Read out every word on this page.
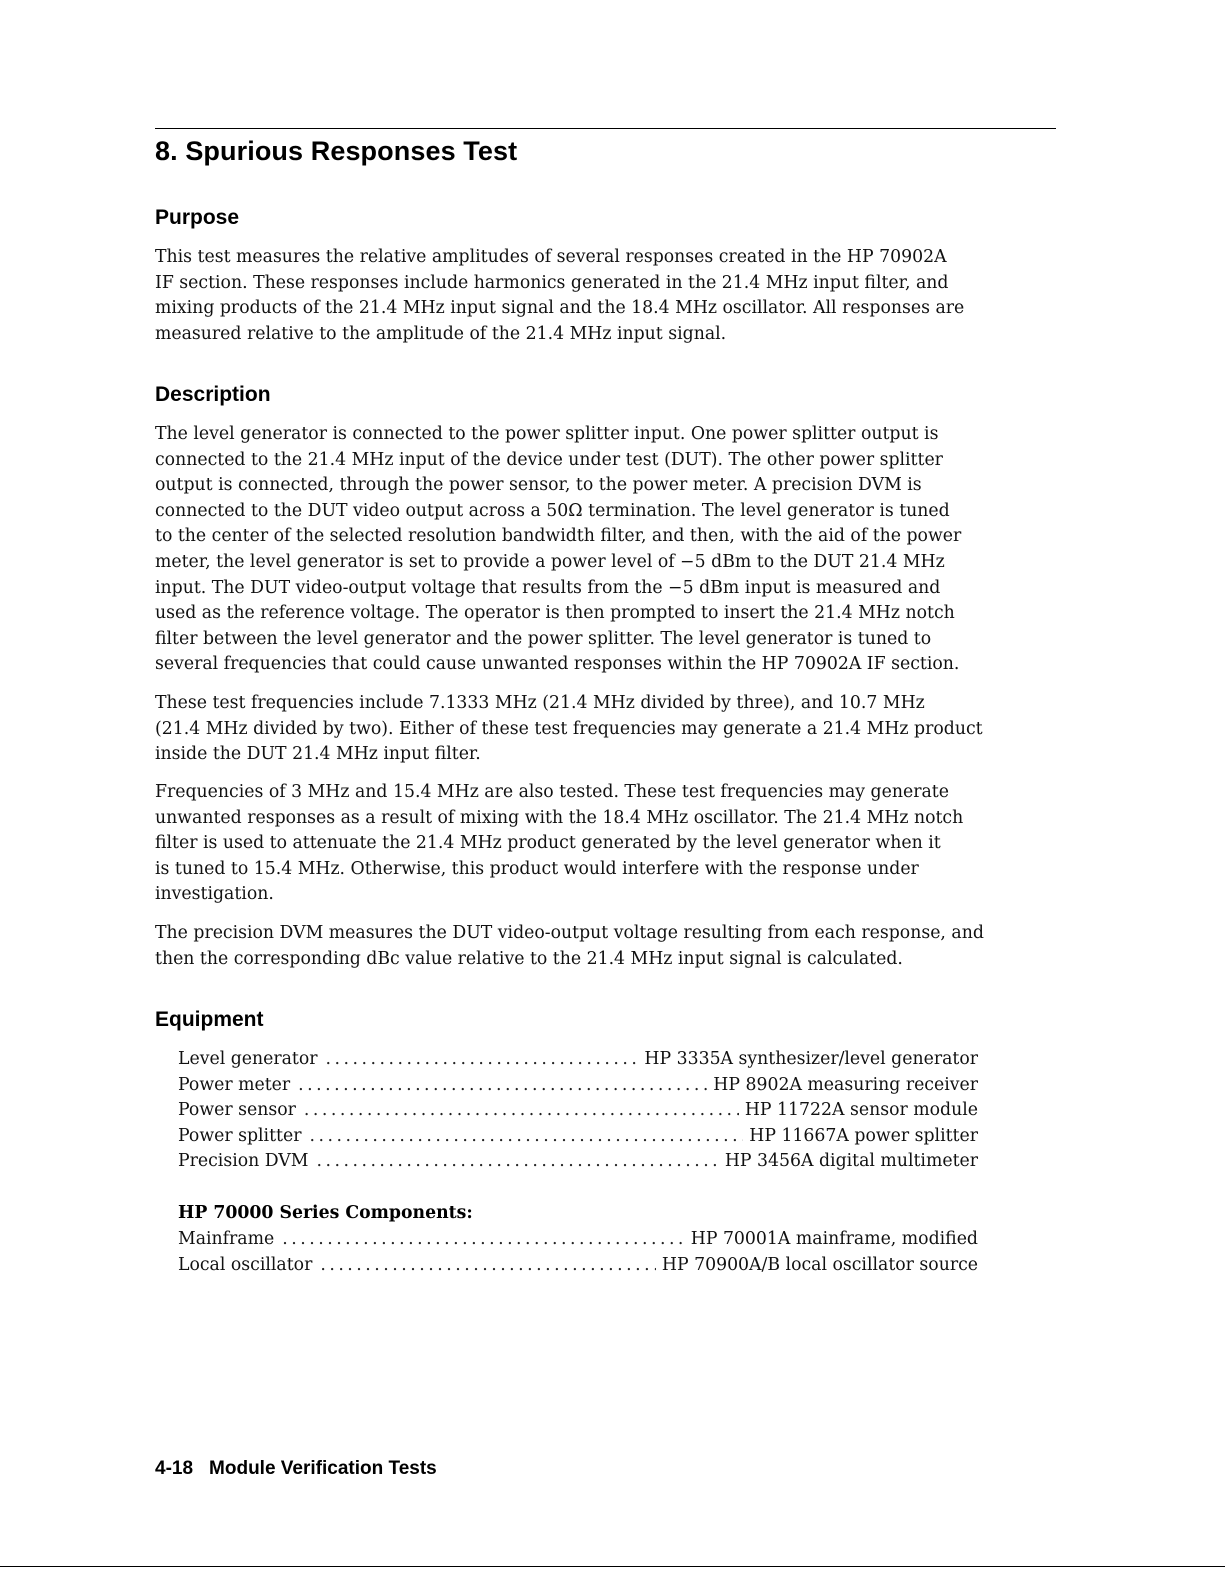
8. Spurious Responses Test
Purpose
This test measures the relative amplitudes of several responses created in the HP 70902A
IF section. These responses include harmonics generated in the 21.4 MHz input filter, and
mixing products of the 21.4 MHz input signal and the 18.4 MHz oscillator. All responses are
measured relative to the amplitude of the 21.4 MHz input signal.
Description
The level generator is connected to the power splitter input. One power splitter output is
connected to the 21.4 MHz input of the device under test (DUT). The other power splitter
output is connected, through the power sensor, to the power meter. A precision DVM is
connected to the DUT video output across a 50Ω termination. The level generator is tuned
to the center of the selected resolution bandwidth filter, and then, with the aid of the power
meter, the level generator is set to provide a power level of −5 dBm to the DUT 21.4 MHz
input. The DUT video-output voltage that results from the −5 dBm input is measured and
used as the reference voltage. The operator is then prompted to insert the 21.4 MHz notch
filter between the level generator and the power splitter. The level generator is tuned to
several frequencies that could cause unwanted responses within the HP 70902A IF section.
These test frequencies include 7.1333 MHz (21.4 MHz divided by three), and 10.7 MHz
(21.4 MHz divided by two). Either of these test frequencies may generate a 21.4 MHz product
inside the DUT 21.4 MHz input filter.
Frequencies of 3 MHz and 15.4 MHz are also tested. These test frequencies may generate
unwanted responses as a result of mixing with the 18.4 MHz oscillator. The 21.4 MHz notch
filter is used to attenuate the 21.4 MHz product generated by the level generator when it
is tuned to 15.4 MHz. Otherwise, this product would interfere with the response under
investigation.
The precision DVM measures the DUT video-output voltage resulting from each response, and
then the corresponding dBc value relative to the 21.4 MHz input signal is calculated.
Equipment
Level generator .....	HP 3335A synthesizer/level generator
Power meter .....	HP 8902A measuring receiver
Power sensor .....	HP 11722A sensor module
Power splitter .....	HP 11667A power splitter
Precision DVM .....	HP 3456A digital multimeter
HP 70000 Series Components:
Mainframe .....	HP 70001A mainframe, modified
Local oscillator .....	HP 70900A/B local oscillator source

4-18 Module Verification Tests
